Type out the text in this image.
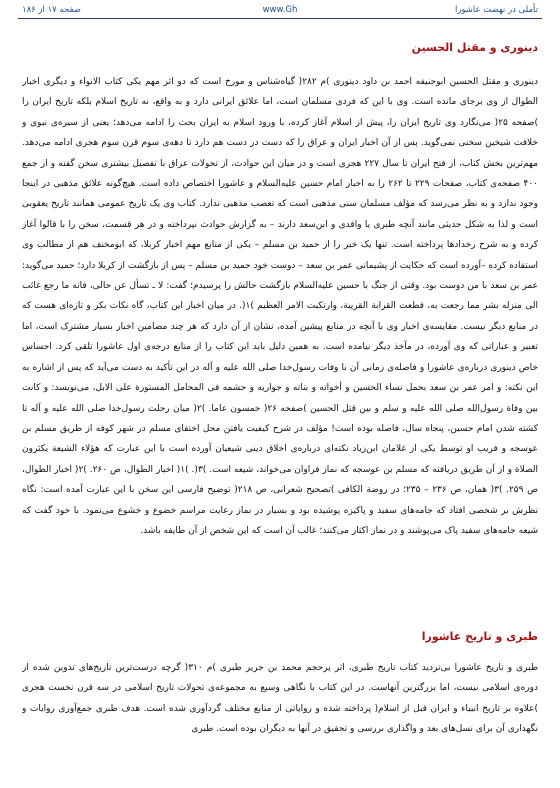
تأملی در نهضت عاشورا
www.Gh
صفحه ۱۷ از ۱۸۶
دینوری و مقتل الحسین

دینوری و مقتل الحسین ابوحنیفه احمد بن داود دینوری )م ۲۸۲( گیاه‌شناس و مورخ است که دو اثر مهم یکی کتاب الانواء و دیگری اخبار الطوال از وی برجای مانده است. وی با این که فردی مسلمان است، اما علائق ایرانی دارد و به واقع، نه تاریخ اسلام بلکه تاریخ ایران را )صفحه ۲۵( می‌نگارد وی تاریخ ایران را، پیش از اسلام آغاز کرده، با ورود اسلام به ایران بحث را ادامه می‌دهد؛ یعنی از سیره‌ی نبوی و خلافت شیخین سخنی نمی‌گوید. پس از آن اخبار ایران و عراق را که دست در دست هم دارد تا دهه‌ی سوم قرن سوم هجری ادامه می‌دهد. مهم‌ترین بخش کتاب، از فتح ایران تا سال ۲۲۷ هجری است و در میان این حوادث، از تحولات عراق با تفصیل بیشتری سخن گفته و از جمع ۴۰۰ صفحه‌ی کتاب، صفحات ۲۲۹ تا ۲۶۲ را به اخبار امام حسین علیه‌السلام و عاشورا اختصاص داده است. هیچ‌گونه علائق مذهبی در اینجا وجود ندارد و به نظر می‌رسد که مؤلف مسلمان سنی مذهبی است که تعصب مذهبی ندارد. کتاب وی یک تاریخ عمومی همانند تاریخ یعقوبی است و لذا به شکل حدیثی مانند آنچه طبری یا واقدی و ابن‌سعد دارند – به گزارش حوادث نپرداخته و در هر قسمت، سخن را با قالوا آغاز کرده و به شرح رخدادها پرداخته است. تنها یک خبر را از حمید بن مسلم – یکی از منابع مهم اخبار کربلا، که ابومخنف هم از مطالب وی استفاده کرده –آورده است که حکایت از پشیمانی عمر بن سعد – دوست خود حمید بن مسلم – پس از بازگشت از کربلا دارد؛ حمید می‌گوید: عمر بن سعد با من دوست بود. وقتی از جنگ با حسین علیه‌السلام بازگشت حالش را پرسیدم؛ گفت: لا ـ تسأل عن حالی، فانه ما رجع غائب الی منزله بشر مما رجعت به، قطعت القرابة القریبة، وارتکبت الامر العظیم )۱(. در میان اخبار این کتاب، گاه نکات بکر و تازه‌ای هست که در منابع دیگر نیست. مقایسه‌ی اخبار وی با آنچه در منابع پیشین آمده، نشان از آن دارد که هر چند مضامین اخبار بسیار مشترک است، اما تعبیر و عباراتی که وی آورده، در مآخذ دیگر نیامده است. به همین دلیل باید این کتاب را از منابع درجه‌ی اول عاشورا تلقی کرد. احساس خاص دینوری درباره‌ی عاشورا و فاصله‌ی زمانی آن با وفات رسول‌خدا صلی الله علیه و آله در این تأکید به دست می‌آید که پس از اشاره به این نکته: و امر عمر بن سعد بحمل نساء الحسین و أخواته و بناته و جواریه و حشمه فی المحامل المستورة علی الابل، می‌نویسد: و کانت بین وفاة رسول‌الله صلی الله علیه و سلم و بین قتل الحسین )صفحه ۲۶( خمسون عاما. )۲( میان رحلت رسول‌خدا صلی الله علیه و آله تا کشته شدن امام حسین، پنجاه سال، فاصله بوده است! مؤلف در شرح کیفیت یافتن محل اختفای مسلم در شهر کوفه از طریق مسلم بن عوسجه و فریب او توسط یکی از غلامان ابن‌زیاد نکته‌ای درباره‌ی اخلاق دینی شیعیان آورده است با این عبارت که هؤلاء الشیعة یکثرون الصلاة و از آن طریق دریافته که مسلم بن عوسجه که نماز فراوان می‌خواند، شیعه است. )۳(. )۱( اخبار الطوال، ص ۲۶۰. )۲( اخبار الطوال، ص ۲۵۹. )۳( همان، ص ۲۳۶ – ۲۳۵؛ در روضة الکافی )تصحیح شعرانی، ص ۲۱۸( توضیح فارسی این سخن با این عبارت آمده است: نگاه نظرش بر شخصی افتاد که جامه‌های سفید و پاکیزه پوشیده بود و بسیار در نماز رعایت مراسم خضوع و خشوع می‌نمود. با خود گفت که شیعه جامه‌های سفید پاک می‌پوشند و در نماز اکثار می‌کنند؛ غالب آن است که این شخص از آن طایفه باشد.

طبری و تاریخ عاشورا

طبری و تاریخ عاشورا بی‌تردید کتاب تاریخ طبری، اثر پرحجم محمد بن جریر طبری )م ۳۱۰( گرچه درست‌ترین تاریخ‌های تدوین شده از دوره‌ی اسلامی نیست، اما بزرگترین آنهاست. در این کتاب با نگاهی وسیع به مجموعه‌ی تحولات تاریخ اسلامی در سه قرن نخست هجری )علاوه بر تاریخ انبیاء و ایران قبل از اسلام( پرداخته شده و روایاتی از منابع مختلف گردآوری شده است. هدف طبری جمع‌آوری روایات و نگهداری آن برای نسل‌های بعد و واگذاری بررسی و تحقیق در آنها به دیگران بوده است. طبری
